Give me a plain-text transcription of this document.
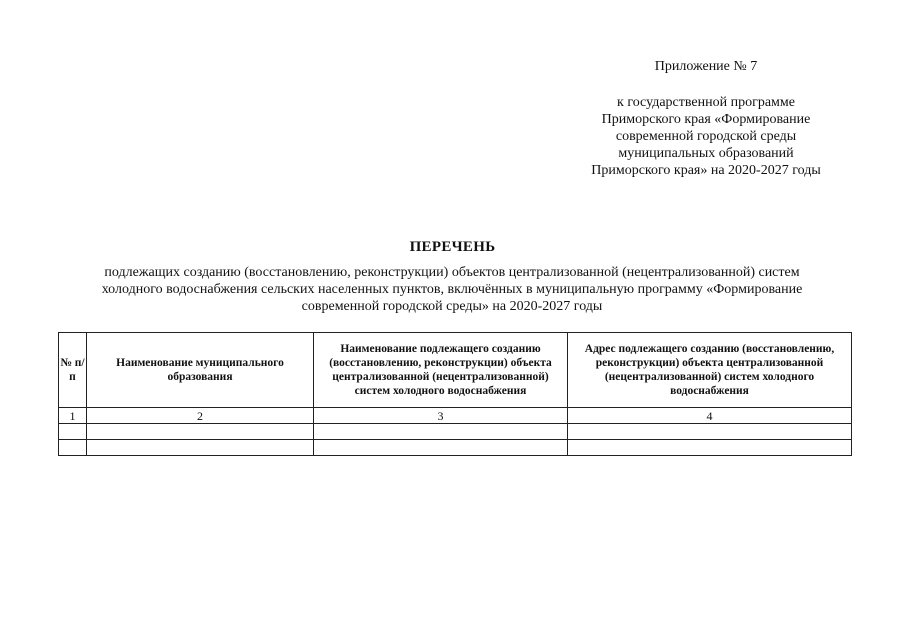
Приложение № 7
к государственной программе
Приморского края «Формирование
современной городской среды
муниципальных образований
Приморского края» на 2020-2027 годы
ПЕРЕЧЕНЬ
подлежащих созданию (восстановлению, реконструкции) объектов централизованной (нецентрализованной) систем
холодного водоснабжения сельских населенных пунктов, включённых в муниципальную программу «Формирование
современной городской среды» на 2020-2027 годы
№ п/п	Наименование муниципального образования	Наименование подлежащего созданию (восстановлению, реконструкции) объекта централизованной (нецентрализованной) систем холодного водоснабжения	Адрес подлежащего созданию (восстановлению, реконструкции) объекта централизованной (нецентрализованной) систем холодного водоснабжения
1	2	3	4
